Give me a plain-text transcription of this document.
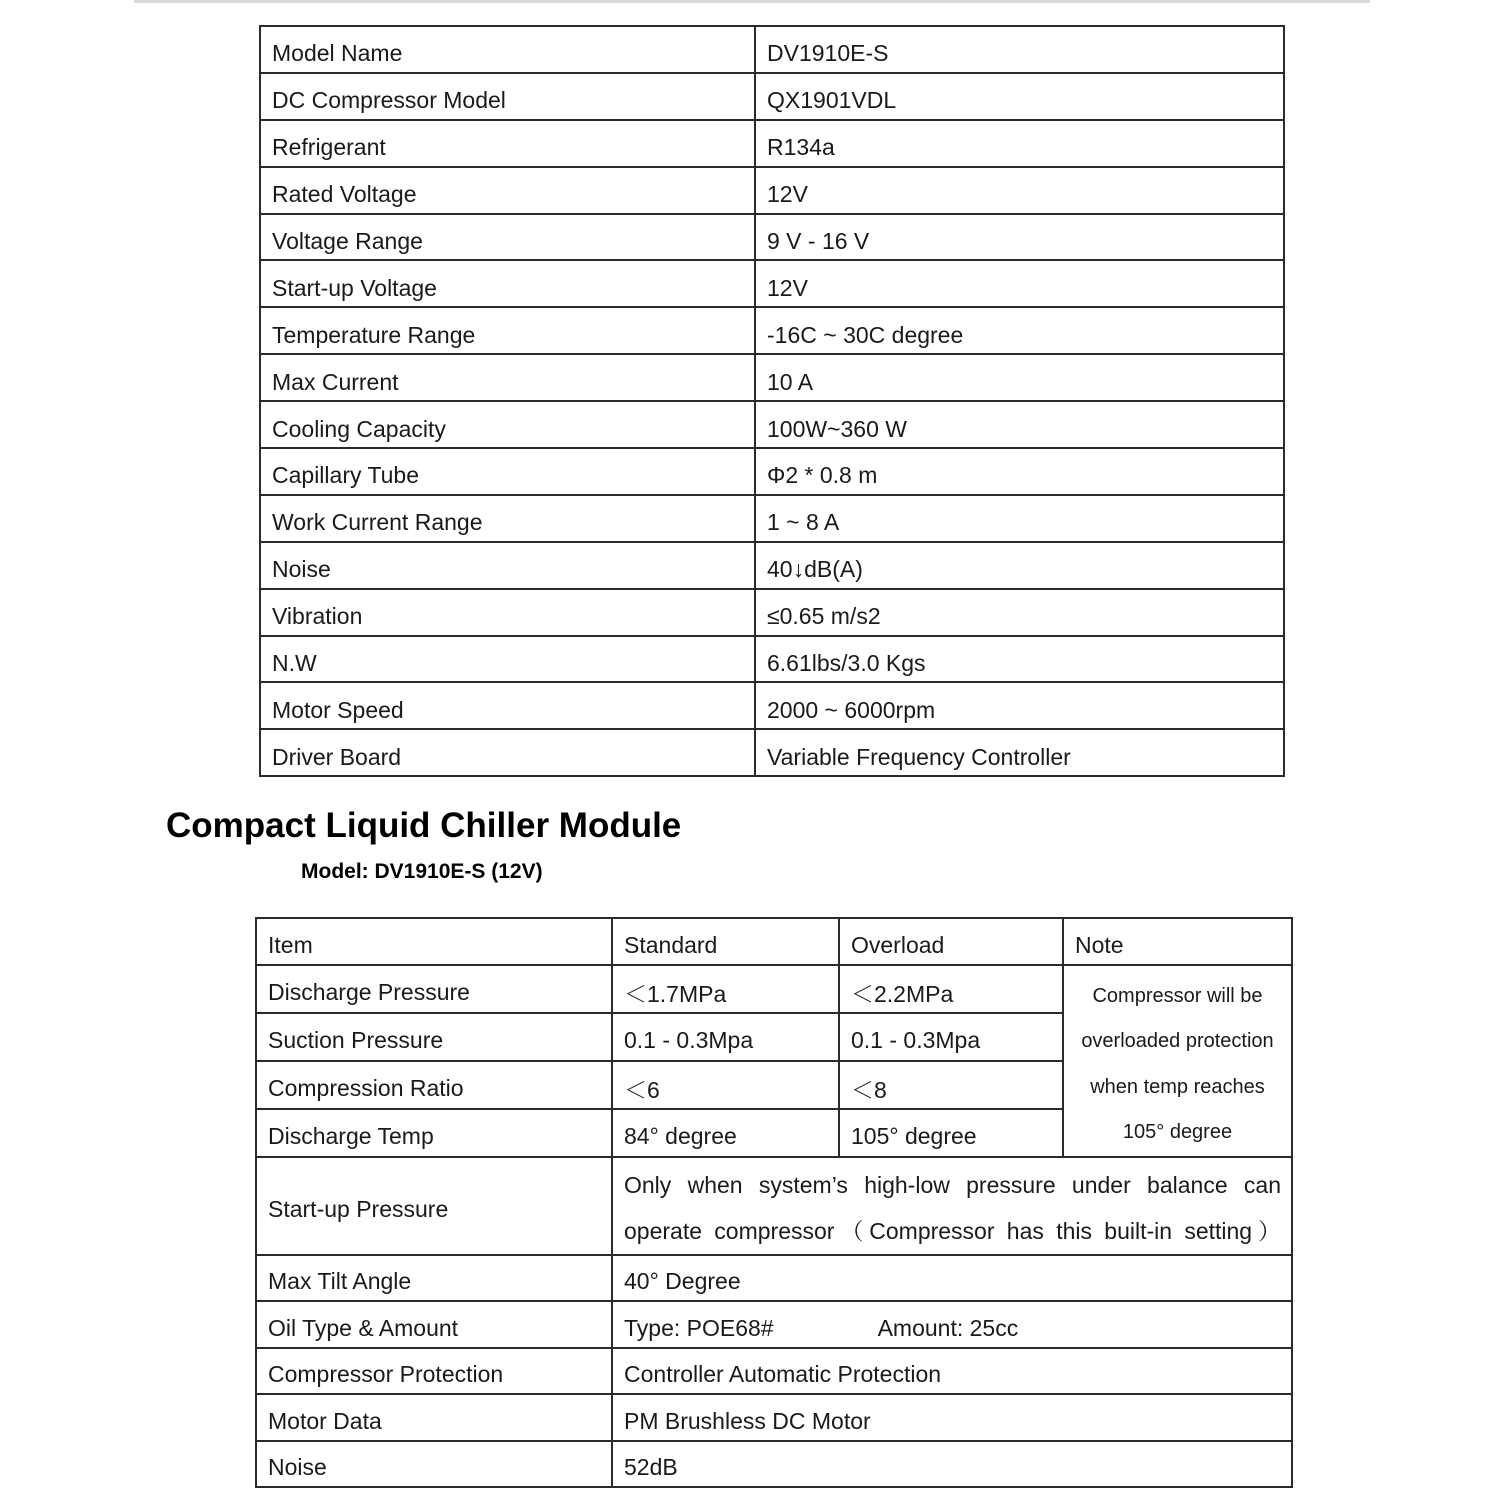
Model Name	DV1910E-S
DC Compressor Model	QX1901VDL
Refrigerant	R134a
Rated Voltage	12V
Voltage Range	9 V - 16 V
Start-up Voltage	12V
Temperature Range	-16C ~ 30C degree
Max Current	10 A
Cooling Capacity	100W~360 W
Capillary Tube	Φ2 * 0.8 m
Work Current Range	1 ~ 8 A
Noise	40↓dB(A)
Vibration	≤0.65 m/s2
N.W	6.61lbs/3.0 Kgs
Motor Speed	2000 ~ 6000rpm
Driver Board	Variable Frequency Controller
Compact Liquid Chiller Module
Model: DV1910E-S (12V)
Item	Standard	Overload	Note
Discharge Pressure	＜1.7MPa	＜2.2MPa	Compressor will be
overloaded protection
when temp reaches
105° degree

Suction Pressure	0.1 - 0.3Mpa	0.1 - 0.3Mpa	
Compression Ratio	＜6	＜8	
Discharge Temp	84° degree	105° degree	
Start-up Pressure	Only when system’s high-low pressure under balance can
operate compressor（Compressor has this built-in setting）		

Max Tilt Angle	40° Degree		
Oil Type & Amount	Type: POE68# Amount: 25cc		
Compressor Protection	Controller Automatic Protection		
Motor Data	PM Brushless DC Motor		
Noise	52dB		
